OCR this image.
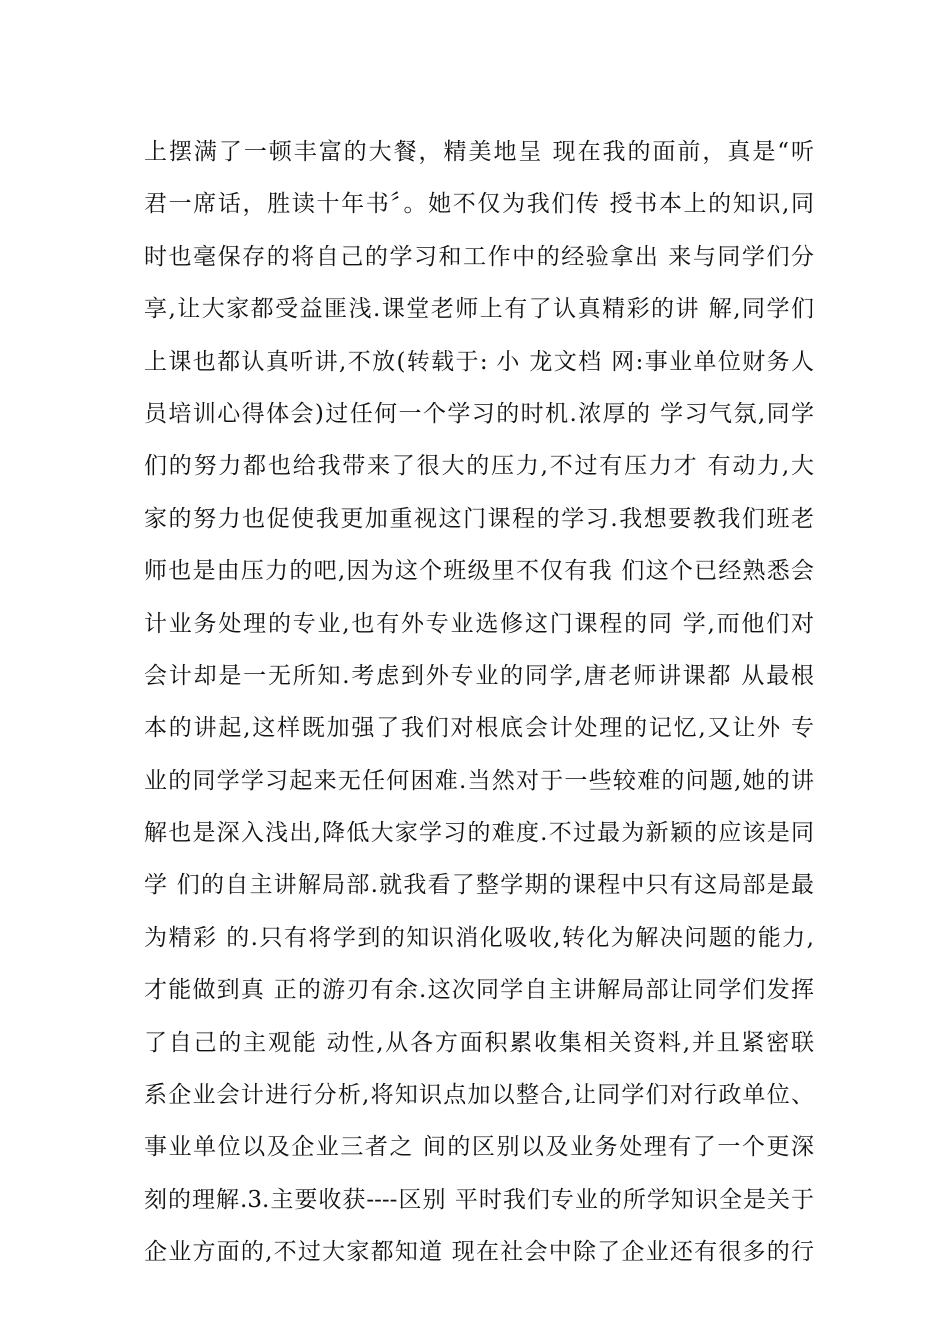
上摆满了一顿丰富的大餐，精美地呈 现在我的面前，真是“听
君一席话，胜读十年书〞。她不仅为我们传 授书本上的知识,同
时也毫保存的将自己的学习和工作中的经验拿出 来与同学们分
享,让大家都受益匪浅.课堂老师上有了认真精彩的讲 解,同学们
上课也都认真听讲,不放(转载于: 小 龙文档 网:事业单位财务人
员培训心得体会)过任何一个学习的时机.浓厚的 学习气氛,同学
们的努力都也给我带来了很大的压力,不过有压力才 有动力,大
家的努力也促使我更加重视这门课程的学习.我想要教我们班老
师也是由压力的吧,因为这个班级里不仅有我 们这个已经熟悉会
计业务处理的专业,也有外专业选修这门课程的同 学,而他们对
会计却是一无所知.考虑到外专业的同学,唐老师讲课都 从最根
本的讲起,这样既加强了我们对根底会计处理的记忆,又让外 专
业的同学学习起来无任何困难.当然对于一些较难的问题,她的讲
解也是深入浅出,降低大家学习的难度.不过最为新颖的应该是同
学 们的自主讲解局部.就我看了整学期的课程中只有这局部是最
为精彩 的.只有将学到的知识消化吸收,转化为解决问题的能力,
才能做到真 正的游刃有余.这次同学自主讲解局部让同学们发挥
了自己的主观能 动性,从各方面积累收集相关资料,并且紧密联
系企业会计进行分析,将知识点加以整合,让同学们对行政单位、
事业单位以及企业三者之 间的区别以及业务处理有了一个更深
刻的理解.3.主要收获----区别 平时我们专业的所学知识全是关于
企业方面的,不过大家都知道 现在社会中除了企业还有很多的行
